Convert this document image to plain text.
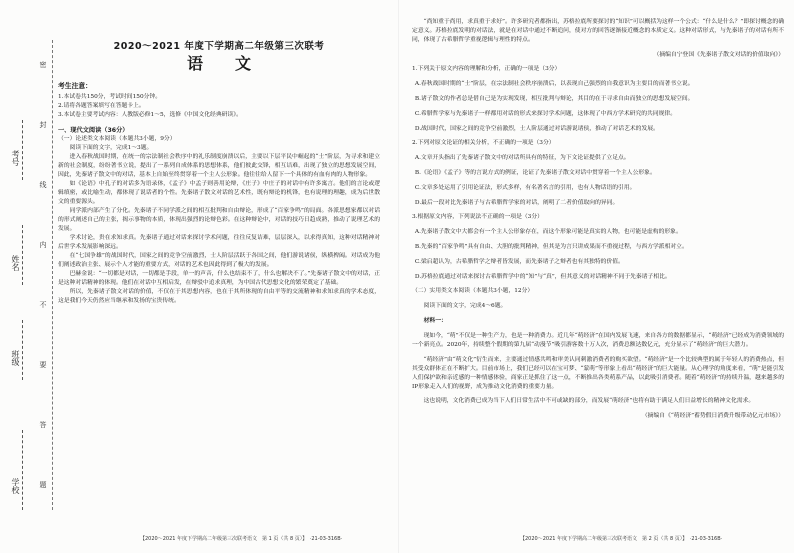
考号
姓名
班级
学校
密
封
线
内
不
要
答
题
2020～2021 年度下学期高二年级第三次联考
语文
考生注意：

1.本试卷共150分，考试时间150分钟。

2.请将各题答案填写在答题卡上。

3.本试卷主要考试内容：人教版必修1～5，选修《中国文化经典研读》。

一、现代文阅读（36分）

（一）论述类文本阅读（本题共3小题，9分）

阅读下面的文字，完成1～3题。

进入春秋战国时期，在统一的宗法制社会秩序中的礼乐制度崩溃以后，主要以下层平民中崛起的“士”阶层，为寻求和建立新的社会制度，纷纷著书立说，提出了一系列自成体系的思想体系，他们彼此交锋，相互诘难，出现了独立的思想发展空间，因此，先秦诸子散文中的对话，基本上自始至终贯穿着一个主人公形象。他往往给人留下一个具体的有血有肉的人物形象。

如《论语》中孔子的对话多为语录体，《孟子》中孟子则善用论辩，《庄子》中庄子的对话中有许多寓言。他们的言论或逻辑缜密，或比喻生动，都体现了说话者的个性。先秦诸子散文对话的艺术性，既有辩论的机锋，也有说理的理趣，成为后世散文的重要源头。

同学派内部产生了分化。先秦诸子不同学派之间的相互批判和自由辩论，形成了“百家争鸣”的局面。各派思想家都以对话的形式阐述自己的主张，揭示事物的本质，体现出强烈的论辩色彩。在这种辩论中，对话的技巧日趋成熟，推动了说理艺术的发展。

学术讨论，贵在求知求真。先秦诸子通过对话来探讨学术问题，往往反复诘难，层层深入，以求得真知，这种对话精神对后世学术发展影响深远。

在“七国争雄”的战国时代，国家之间的竞争空前激烈，士人阶层活跃于各国之间，他们游说诸侯，纵横捭阖。对话成为他们阐述政治主张、展示个人才能的重要方式，对话的艺术也因此得到了极大的发展。

巴赫金说：“一切都是对话，一切都是手段，单一的声音，什么也结束不了，什么也解决不了。”先秦诸子散文中的对话，正是这种对话精神的体现。他们在对话中互相启发，在辩驳中追求真理，为中国古代思想文化的繁荣奠定了基础。

所以，先秦诸子散文对话的价值，不仅在于其思想内容，也在于其所体现的自由平等的交流精神和求知求真的学术态度，这是我们今天仍然应当继承和发扬的宝贵传统。

“尚知重于尚用，求真重于求好”。许多研究者都指出，苏格拉底所要探讨的“知识”可以概括为这样一个公式：“什么是什么？”即探讨概念的确定意义。苏格拉底发明的对话法，就是在对话中通过不断追问，使对方的回答逐渐接近概念的本质定义。这种对话形式，与先秦诸子的对话有所不同，体现了古希腊哲学重视逻辑与理性的特点。

（摘编自宁登国《先秦诸子散文对话的价值取向》）

1.下列关于原文内容的理解和分析，正确的一项是（3分）

A.春秋战国时期的“士”阶层，在宗法制社会秩序崩溃后，以表现自己强烈的自我意识为主要目的而著书立说。

B.诸子散文的作者总是借自己是为实现发现，相互批判与辩论，其目的在于寻求自由而独立的思想发展空间。

C.希腊哲学家与先秦诸子一样都用对话的形式来探讨学术问题，这体现了中西方学术研究的共同规律。

D.战国时代，国家之间的竞争空前激烈，士人阶层通过对话游说诸侯，推动了对话艺术的发展。

2.下列对原文论证的相关分析，不正确的一项是（3分）

A.文章开头指出了先秦诸子散文中的对话所具有的特征，为下文论证提供了立足点。

B.《论语》《孟子》等的言说方式的例证，论证了先秦诸子散文对话中贯穿着一个主人公形象。

C.文章多处运用了引用论证法，形式多样，有名著名言的引用，也有人物话语的引用。

D.最后一段对比先秦诸子与古希腊哲学家的对话，阐明了二者价值取向的异同。

3.根据原文内容，下列说法不正确的一项是（3分）

A.先秦诸子散文中大都会有一个主人公形象存在，而这个形象可能是真实的人物，也可能是虚构的形象。

B.先秦的“百家争鸣”具有自由、大胆的批判精神，但其是为言只讲成果而不重视过程，与西方学派相对立。

C.梁启超认为，古希腊哲学之辩者皆发展，而先秦诸子之辩者也有其独特的价值。

D.苏格拉底通过对话来探讨古希腊哲学中的“知”与“真”，但其意义的对话精神不同于先秦诸子相比。

（二）实用类文本阅读（本题共3小题，12分）

阅读下面的文字，完成4～6题。

材料一：

现如今，“萌”不仅是一种生产力，也是一种消费力。近几年“萌经济”在国内发展飞速，来自各方的数据都显示，“萌经济”已经成为消费领域的一个新亮点。2020年，持续整个假期的第九届“动漫节”吸引游客数十万人次，消费总额达数亿元，充分显示了“萌经济”的巨大潜力。

“萌经济”由“萌文化”衍生而来，主要通过情感共鸣和审美认同刺激消费者的购买欲望。“萌经济”是一个比较典型的属于年轻人的消费热点，但其受众群体正在不断扩大。目前市场上，我们已经可以在宝可梦、“蒙萌”等形象上看出“萌经济”的巨大能量。从心理学的角度来看，“萌”是能引发人们保护欲和亲近感的一种情感体验，商家正是抓住了这一点，不断推出各类萌系产品，以此吸引消费者。随着“萌经济”的持续升温，越来越多的IP形象走入人们的视野，成为推动文化消费的重要力量。

这也说明，文化消费已成为当下人们日常生活中不可或缺的部分，而发展“萌经济”也将有助于满足人们日益增长的精神文化需求。

（摘编自《“萌经济”蓄势假日消费升级带动亿元市场》）

【2020～2021 年度下学期高二年级第三次联考语文　第 1 页（共 8 页）】　·21-03-316B·	【2020～2021 年度下学期高二年级第三次联考语文　第 2 页（共 8 页）】　·21-03-316B·
